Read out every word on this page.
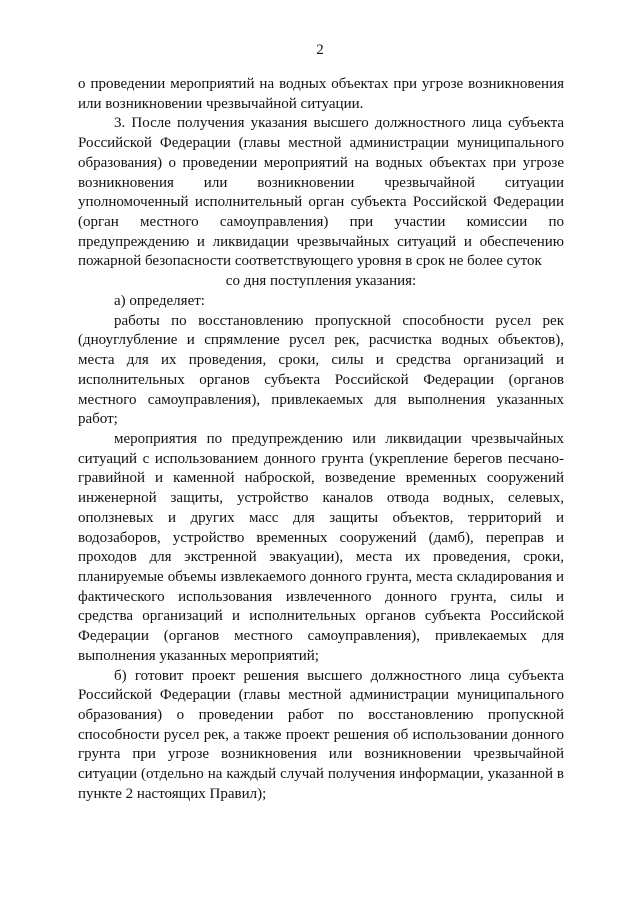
2

о проведении мероприятий на водных объектах при угрозе возникновения или возникновении чрезвычайной ситуации.

3. После получения указания высшего должностного лица субъекта Российской Федерации (главы местной администрации муниципального образования) о проведении мероприятий на водных объектах при угрозе возникновения или возникновении чрезвычайной ситуации уполномоченный исполнительный орган субъекта Российской Федерации (орган местного самоуправления) при участии комиссии по предупреждению и ликвидации чрезвычайных ситуаций и обеспечению пожарной безопасности соответствующего уровня в срок не более суток

со дня поступления указания:

а) определяет:

работы по восстановлению пропускной способности русел рек (дноуглубление и спрямление русел рек, расчистка водных объектов), места для их проведения, сроки, силы и средства организаций и исполнительных органов субъекта Российской Федерации (органов местного самоуправления), привлекаемых для выполнения указанных работ;

мероприятия по предупреждению или ликвидации чрезвычайных ситуаций с использованием донного грунта (укрепление берегов песчано-гравийной и каменной наброской, возведение временных сооружений инженерной защиты, устройство каналов отвода водных, селевых, оползневых и других масс для защиты объектов, территорий и водозаборов, устройство временных сооружений (дамб), переправ и проходов для экстренной эвакуации), места их проведения, сроки, планируемые объемы извлекаемого донного грунта, места складирования и фактического использования извлеченного донного грунта, силы и средства организаций и исполнительных органов субъекта Российской Федерации (органов местного самоуправления), привлекаемых для выполнения указанных мероприятий;

б) готовит проект решения высшего должностного лица субъекта Российской Федерации (главы местной администрации муниципального образования) о проведении работ по восстановлению пропускной способности русел рек, а также проект решения об использовании донного грунта при угрозе возникновения или возникновении чрезвычайной ситуации (отдельно на каждый случай получения информации, указанной в пункте 2 настоящих Правил);
